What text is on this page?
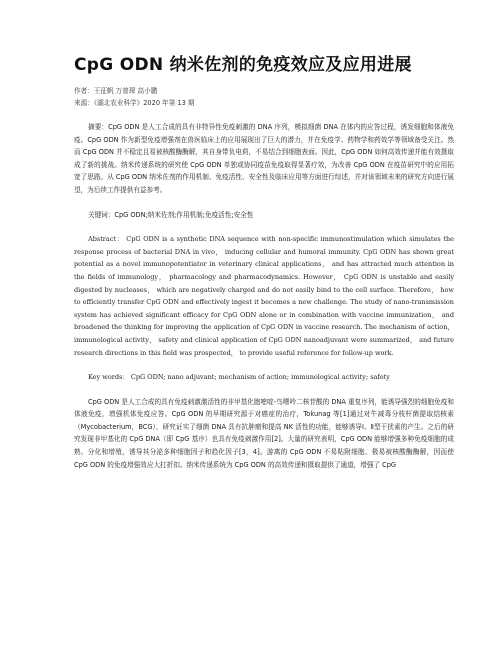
CpG ODN 纳米佐剂的免疫效应及应用进展
作者：王征帆 万普琛 高小鹏
来源：《湖北农业科学》2020 年第 13 期

摘要：CpG ODN 是人工合成的具有非特异性免疫刺激的 DNA 序列，模拟细菌 DNA 在体内的应答过程，诱发细胞和体液免疫。CpG ODN 作为新型免疫增强剂在兽医临床上的应用展现出了巨大的潜力，并在免疫学、药物学和药效学等领域备受关注。然而 CpG ODN 并不稳定且易被核酸酶酶解，其自身带负电荷，不易结合到细胞表面。因此，CpG ODN 如何高效传递并能有效摄取成了新的挑战。纳米传递系统的研究使 CpG ODN 单独或协同疫苗免疫取得显著疗效，为改善 CpG ODN 在疫苗研究中的应用拓宽了思路。从 CpG ODN 纳米佐剂的作用机制、免疫活性、安全性及临床应用等方面进行综述，并对该领域未来的研究方向进行展望，为后续工作提供有益参考。

关键词：CpG ODN;纳米佐剂;作用机制;免疫活性;安全性

Abstract： CpG ODN is a synthetic DNA sequence with non-specific immunostimulation which simulates the response process of bacterial DNA in vivo， inducing cellular and humoral immunity. CpG ODN has shown great potential as a novel immunopotentiator in veterinary clinical applications， and has attracted much attention in the fields of immunology， pharmacology and pharmacodynamics. However， CpG ODN is unstable and easily digested by nucleases， which are negatively charged and do not easily bind to the cell surface. Therefore， how to efficiently transfer CpG ODN and effectively ingest it becomes a new challenge. The study of nano-transmission system has achieved significant efficacy for CpG ODN alone or in combination with vaccine immunization， and broadened the thinking for improving the application of CpG ODN in vaccine research. The mechanism of action， immunological activity， safety and clinical application of CpG ODN nanoadjuvant were summarized， and future research directions in this field was prospected， to provide useful reference for follow-up work.

Key words： CpG ODN; nano adjuvant; mechanism of action; immunological activity; safety

CpG ODN 是人工合成的具有免疫刺激激活性的非甲基化胞嘧啶-鸟嘌呤二核苷酸的 DNA 重复序列，能诱导强烈的细胞免疫和体液免疫，增强机体免疫应答。CpG ODN 的早期研究源于对癌症的治疗，Tokunag 等[1]通过对牛减毒分枝杆菌提取结核素（Mycobacterium，BCG），研究证实了细菌 DNA 具有抗肿瘤和提高 NK 活性的功能，能够诱导Ⅰ、Ⅱ型干扰素的产生。之后的研究发现非甲基化的 CpG DNA（即 CpG 基序）也具有免疫刺激作用[2]。大量的研究表明，CpG ODN 能够增强多种免疫细胞的成熟、分化和增殖，诱导其分泌多种细胞因子和趋化因子[3，4]。游离的 CpG ODN 不易粘附细胞、极易被核酸酶酶解，因而使 CpG ODN 的免疫增强效应大打折扣。纳米传递系统为 CpG ODN 的高效传递和摄取提供了通道，增强了 CpG
